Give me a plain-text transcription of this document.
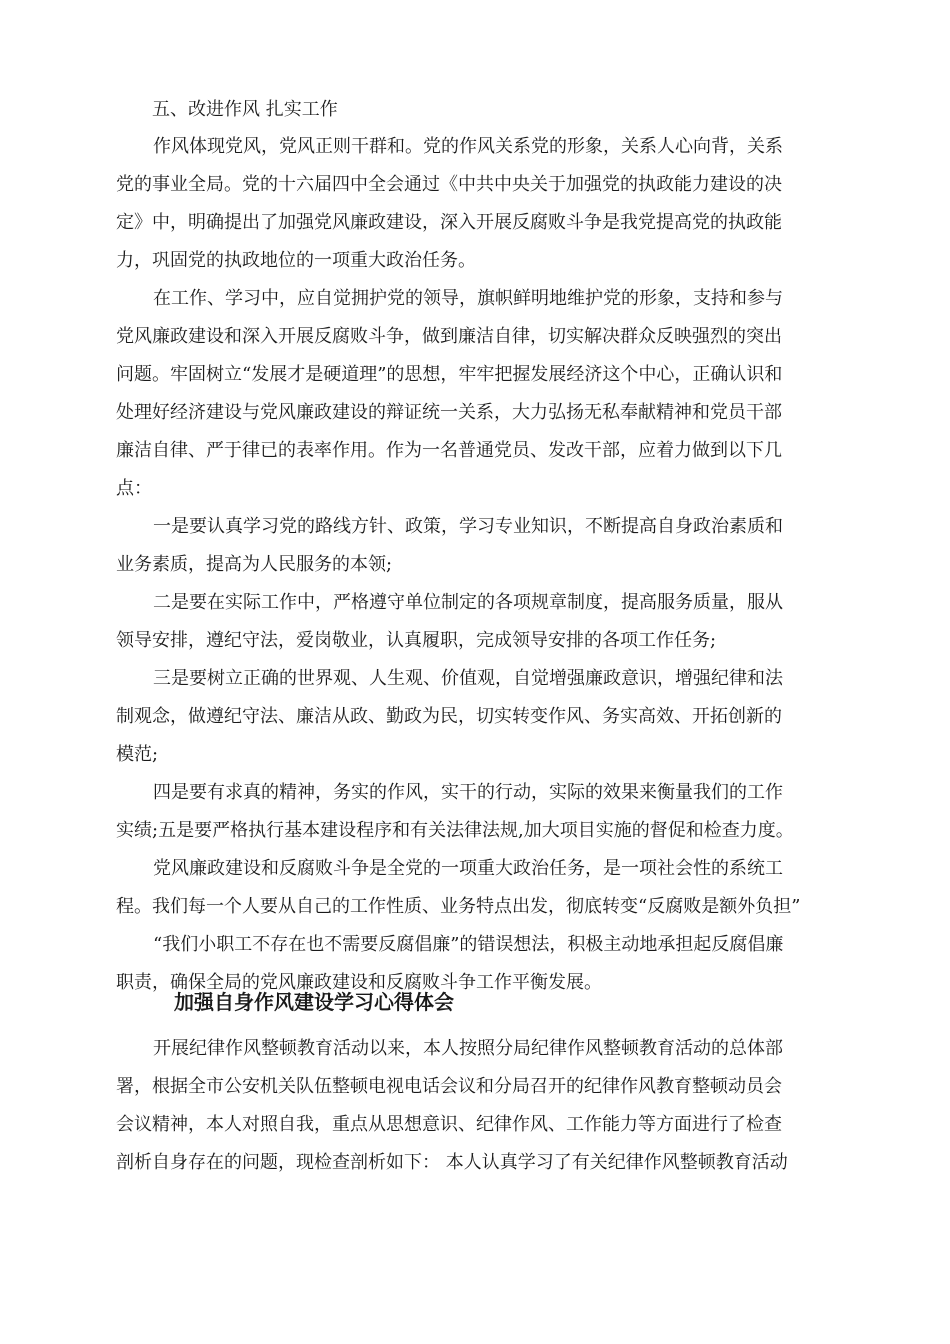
五、改进作风 扎实工作
作风体现党风，党风正则干群和。党的作风关系党的形象，关系人心向背，关系
党的事业全局。党的十六届四中全会通过《中共中央关于加强党的执政能力建设的决
定》中，明确提出了加强党风廉政建设，深入开展反腐败斗争是我党提高党的执政能
力，巩固党的执政地位的一项重大政治任务。
在工作、学习中，应自觉拥护党的领导，旗帜鲜明地维护党的形象，支持和参与
党风廉政建设和深入开展反腐败斗争，做到廉洁自律，切实解决群众反映强烈的突出
问题。牢固树立“发展才是硬道理”的思想，牢牢把握发展经济这个中心，正确认识和
处理好经济建设与党风廉政建设的辩证统一关系，大力弘扬无私奉献精神和党员干部
廉洁自律、严于律已的表率作用。作为一名普通党员、发改干部，应着力做到以下几
点：
一是要认真学习党的路线方针、政策，学习专业知识，不断提高自身政治素质和
业务素质，提高为人民服务的本领;
二是要在实际工作中，严格遵守单位制定的各项规章制度，提高服务质量，服从
领导安排，遵纪守法，爱岗敬业，认真履职，完成领导安排的各项工作任务;
三是要树立正确的世界观、人生观、价值观，自觉增强廉政意识，增强纪律和法
制观念，做遵纪守法、廉洁从政、勤政为民，切实转变作风、务实高效、开拓创新的
模范;
四是要有求真的精神，务实的作风，实干的行动，实际的效果来衡量我们的工作
实绩;五是要严格执行基本建设程序和有关法律法规,加大项目实施的督促和检查力度。
党风廉政建设和反腐败斗争是全党的一项重大政治任务，是一项社会性的系统工
程。我们每一个人要从自己的工作性质、业务特点出发，彻底转变“反腐败是额外负担”
“我们小职工不存在也不需要反腐倡廉”的错误想法，积极主动地承担起反腐倡廉
职责，确保全局的党风廉政建设和反腐败斗争工作平衡发展。
加强自身作风建设学习心得体会
开展纪律作风整顿教育活动以来，本人按照分局纪律作风整顿教育活动的总体部
署，根据全市公安机关队伍整顿电视电话会议和分局召开的纪律作风教育整顿动员会
会议精神，本人对照自我，重点从思想意识、纪律作风、工作能力等方面进行了检查
剖析自身存在的问题，现检查剖析如下： 本人认真学习了有关纪律作风整顿教育活动
